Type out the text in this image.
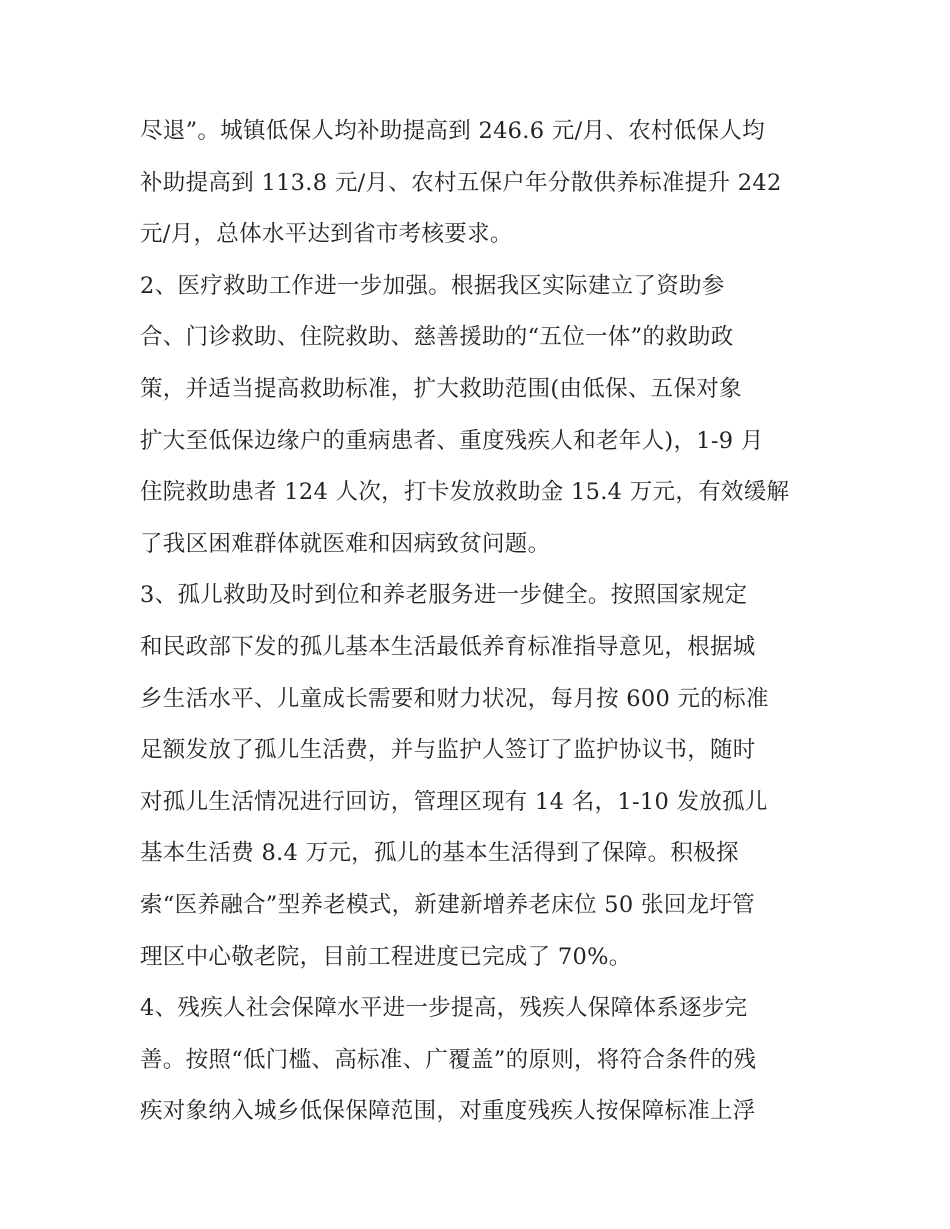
尽退”。城镇低保人均补助提高到 246.6 元/月、农村低保人均
补助提高到 113.8 元/月、农村五保户年分散供养标准提升 242
元/月，总体水平达到省市考核要求。
2、医疗救助工作进一步加强。根据我区实际建立了资助参
合、门诊救助、住院救助、慈善援助的“五位一体”的救助政
策，并适当提高救助标准，扩大救助范围(由低保、五保对象
扩大至低保边缘户的重病患者、重度残疾人和老年人)，1-9 月
住院救助患者 124 人次，打卡发放救助金 15.4 万元，有效缓解
了我区困难群体就医难和因病致贫问题。
3、孤儿救助及时到位和养老服务进一步健全。按照国家规定
和民政部下发的孤儿基本生活最低养育标准指导意见，根据城
乡生活水平、儿童成长需要和财力状况，每月按 600 元的标准
足额发放了孤儿生活费，并与监护人签订了监护协议书，随时
对孤儿生活情况进行回访，管理区现有 14 名，1-10 发放孤儿
基本生活费 8.4 万元，孤儿的基本生活得到了保障。积极探
索“医养融合”型养老模式，新建新增养老床位 50 张回龙圩管
理区中心敬老院，目前工程进度已完成了 70%。
4、残疾人社会保障水平进一步提高，残疾人保障体系逐步完
善。按照“低门槛、高标准、广覆盖”的原则，将符合条件的残
疾对象纳入城乡低保保障范围，对重度残疾人按保障标准上浮
